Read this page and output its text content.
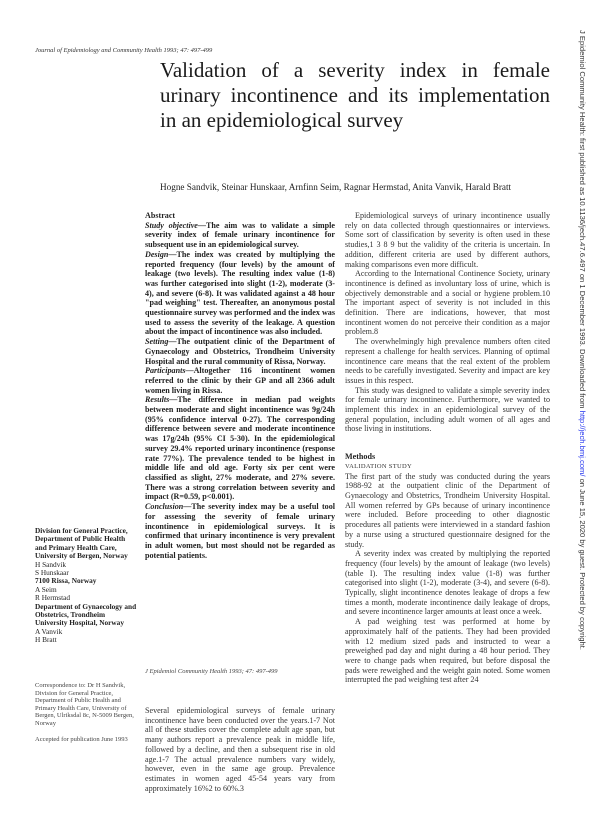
Journal of Epidemiology and Community Health 1993; 47: 497-499
Validation of a severity index in female urinary incontinence and its implementation in an epidemiological survey
Hogne Sandvik, Steinar Hunskaar, Arnfinn Seim, Ragnar Hermstad, Anita Vanvik, Harald Bratt

Abstract

Study objective—The aim was to validate a simple severity index of female urinary incontinence for subsequent use in an epidemiological survey.

Design—The index was created by multiplying the reported frequency (four levels) by the amount of leakage (two levels). The resulting index value (1-8) was further categorised into slight (1-2), moderate (3-4), and severe (6-8). It was validated against a 48 hour "pad weighing" test. Thereafter, an anonymous postal questionnaire survey was performed and the index was used to assess the severity of the leakage. A question about the impact of incontinence was also included.

Setting—The outpatient clinic of the Department of Gynaecology and Obstetrics, Trondheim University Hospital and the rural community of Rissa, Norway.

Participants—Altogether 116 incontinent women referred to the clinic by their GP and all 2366 adult women living in Rissa.

Results—The difference in median pad weights between moderate and slight incontinence was 9g/24h (95% confidence interval 0-27). The corresponding difference between severe and moderate incontinence was 17g/24h (95% CI 5-30). In the epidemiological survey 29.4% reported urinary incontinence (response rate 77%). The prevalence tended to be highest in middle life and old age. Forty six per cent were classified as slight, 27% moderate, and 27% severe. There was a strong correlation between severity and impact (R=0.59, p<0.001).

Conclusion—The severity index may be a useful tool for assessing the severity of female urinary incontinence in epidemiological surveys. It is confirmed that urinary incontinence is very prevalent in adult women, but most should not be regarded as potential patients.

J Epidemiol Community Health 1993; 47: 497-499
Several epidemiological surveys of female urinary incontinence have been conducted over the years.1-7 Not all of these studies cover the complete adult age span, but many authors report a prevalence peak in middle life, followed by a decline, and then a subsequent rise in old age.1-7 The actual prevalence numbers vary widely, however, even in the same age group. Prevalence estimates in women aged 45-54 years vary from approximately 16%2 to 60%.3

Epidemiological surveys of urinary incontinence usually rely on data collected through questionnaires or interviews. Some sort of classification by severity is often used in these studies,1 3 8 9 but the validity of the criteria is uncertain. In addition, different criteria are used by different authors, making comparisons even more difficult.

According to the International Continence Society, urinary incontinence is defined as involuntary loss of urine, which is objectively demonstrable and a social or hygiene problem.10 The important aspect of severity is not included in this definition. There are indications, however, that most incontinent women do not perceive their condition as a major problem.8

The overwhelmingly high prevalence numbers often cited represent a challenge for health services. Planning of optimal incontinence care means that the real extent of the problem needs to be carefully investigated. Severity and impact are key issues in this respect.

This study was designed to validate a simple severity index for female urinary incontinence. Furthermore, we wanted to implement this index in an epidemiological survey of the general population, including adult women of all ages and those living in institutions.

Methods

VALIDATION STUDY

The first part of the study was conducted during the years 1988-92 at the outpatient clinic of the Department of Gynaecology and Obstetrics, Trondheim University Hospital. All women referred by GPs because of urinary incontinence were included. Before proceeding to other diagnostic procedures all patients were interviewed in a standard fashion by a nurse using a structured questionnaire designed for the study.

A severity index was created by multiplying the reported frequency (four levels) by the amount of leakage (two levels) (table I). The resulting index value (1-8) was further categorised into slight (1-2), moderate (3-4), and severe (6-8). Typically, slight incontinence denotes leakage of drops a few times a month, moderate incontinence daily leakage of drops, and severe incontinence larger amounts at least once a week.

A pad weighing test was performed at home by approximately half of the patients. They had been provided with 12 medium sized pads and instructed to wear a preweighed pad day and night during a 48 hour period. They were to change pads when required, but before disposal the pads were reweighed and the weight gain noted. Some women interrupted the pad weighing test after 24

Division for General Practice, Department of Public Health and Primary Health Care, University of Bergen, Norway
H Sandvik
S Hunskaar
7100 Rissa, Norway
A Seim
R Hermstad
Department of Gynaecology and Obstetrics, Trondheim University Hospital, Norway
A Vanvik
H Bratt
Correspondence to: Dr H Sandvik, Division for General Practice, Department of Public Health and Primary Health Care, University of Bergen, Ulriksdal 8c, N-5009 Bergen, Norway
Accepted for publication June 1993
J Epidemiol Community Health: first published as 10.1136/jech.47.6.497 on 1 December 1993. Downloaded from http://jech.bmj.com/ on June 15, 2020 by guest. Protected by copyright.
